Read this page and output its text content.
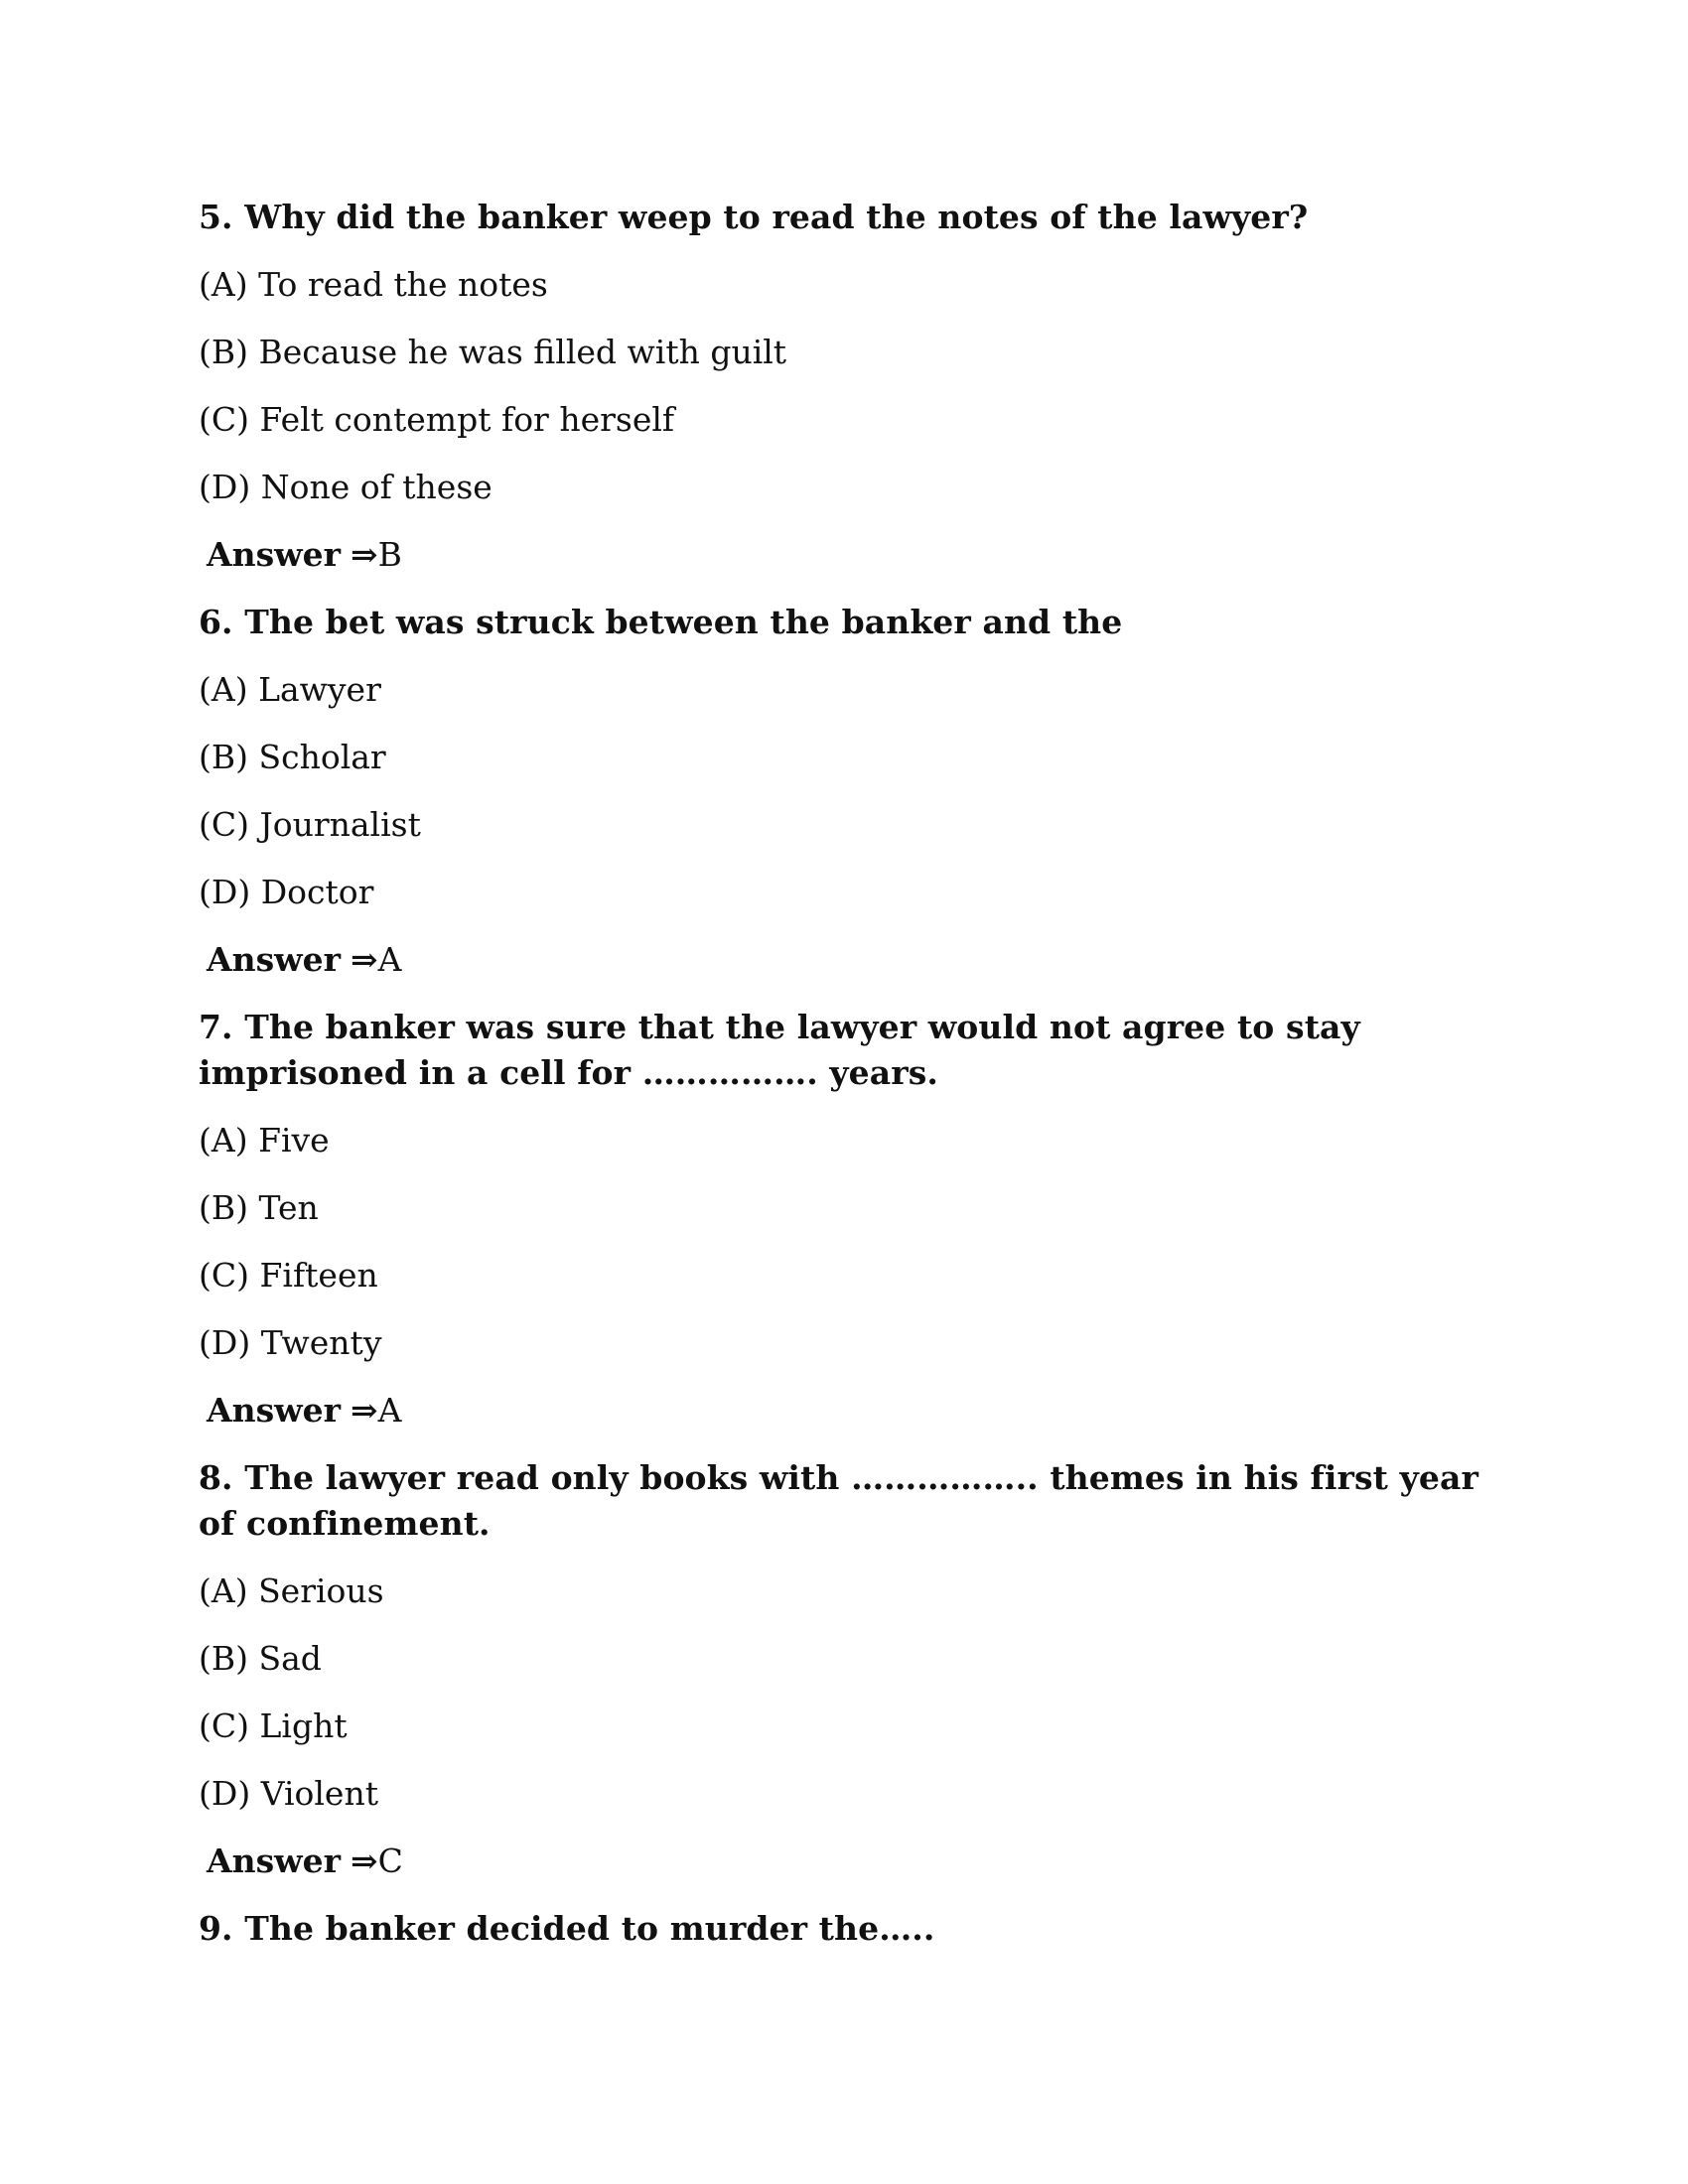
5. Why did the banker weep to read the notes of the lawyer?
(A) To read the notes
(B) Because he was filled with guilt
(C) Felt contempt for herself
(D) None of these
Answer ⇒B
6. The bet was struck between the banker and the
(A) Lawyer
(B) Scholar
(C) Journalist
(D) Doctor
Answer ⇒A
7. The banker was sure that the lawyer would not agree to stay imprisoned in a cell for ……………. years.
(A) Five
(B) Ten
(C) Fifteen
(D) Twenty
Answer ⇒A
8. The lawyer read only books with …………….. themes in his first year of confinement.
(A) Serious
(B) Sad
(C) Light
(D) Violent
Answer ⇒C
9. The banker decided to murder the…..
